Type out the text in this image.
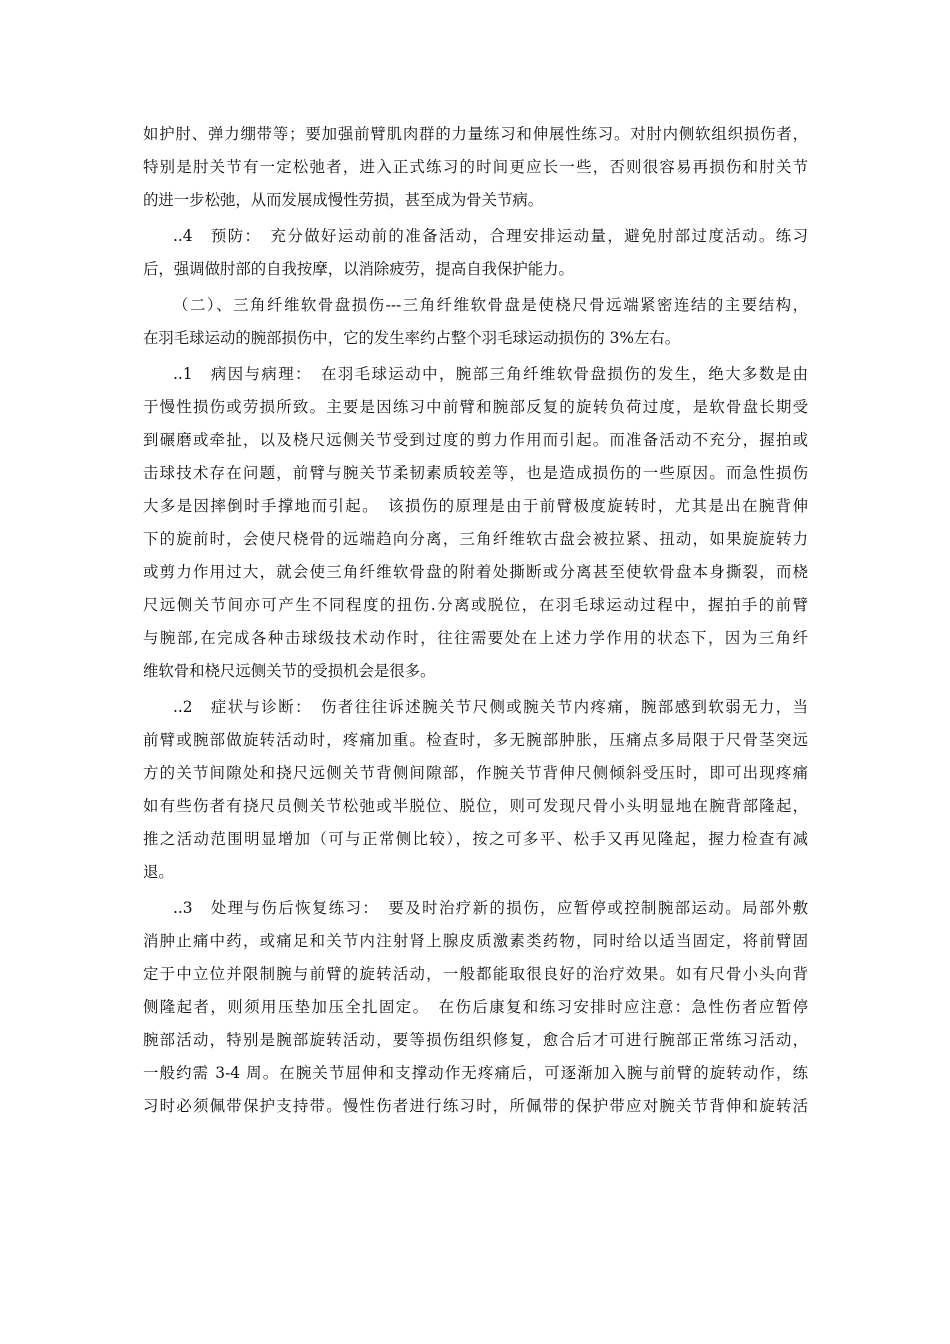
如护肘、弹力绷带等；要加强前臂肌肉群的力量练习和伸展性练习。对肘内侧软组织损伤者，
特别是肘关节有一定松弛者，进入正式练习的时间更应长一些，否则很容易再损伤和肘关节
的进一步松弛，从而发展成慢性劳损，甚至成为骨关节病。
..4　预防：　充分做好运动前的准备活动，合理安排运动量，避免肘部过度活动。练习
后，强调做肘部的自我按摩，以消除疲劳，提高自我保护能力。
（二）、三角纤维软骨盘损伤---三角纤维软骨盘是使桡尺骨远端紧密连结的主要结构，
在羽毛球运动的腕部损伤中，它的发生率约占整个羽毛球运动损伤的 3%左右。
..1　病因与病理：　在羽毛球运动中，腕部三角纤维软骨盘损伤的发生，绝大多数是由
于慢性损伤或劳损所致。主要是因练习中前臂和腕部反复的旋转负荷过度，是软骨盘长期受
到碾磨或牵扯，以及桡尺远侧关节受到过度的剪力作用而引起。而准备活动不充分，握拍或
击球技术存在问题，前臂与腕关节柔韧素质较差等，也是造成损伤的一些原因。而急性损伤
大多是因摔倒时手撑地而引起。　该损伤的原理是由于前臂极度旋转时，尤其是出在腕背伸
下的旋前时，会使尺桡骨的远端趋向分离，三角纤维软古盘会被拉紧、扭动，如果旋旋转力
或剪力作用过大，就会使三角纤维软骨盘的附着处撕断或分离甚至使软骨盘本身撕裂，而桡
尺远侧关节间亦可产生不同程度的扭伤.分离或脱位，在羽毛球运动过程中，握拍手的前臂
与腕部,在完成各种击球级技术动作时，往往需要处在上述力学作用的状态下，因为三角纤
维软骨和桡尺远侧关节的受损机会是很多。
..2　症状与诊断：　伤者往往诉述腕关节尺侧或腕关节内疼痛，腕部感到软弱无力，当
前臂或腕部做旋转活动时，疼痛加重。检查时，多无腕部肿胀，压痛点多局限于尺骨茎突远
方的关节间隙处和挠尺远侧关节背侧间隙部，作腕关节背伸尺侧倾斜受压时，即可出现疼痛
如有些伤者有挠尺员侧关节松弛或半脱位、脱位，则可发现尺骨小头明显地在腕背部隆起，
推之活动范围明显增加（可与正常侧比较），按之可多平、松手又再见隆起，握力检查有减
退。
..3　处理与伤后恢复练习：　要及时治疗新的损伤，应暂停或控制腕部运动。局部外敷
消肿止痛中药，或痛足和关节内注射肾上腺皮质激素类药物，同时给以适当固定，将前臂固
定于中立位并限制腕与前臂的旋转活动，一般都能取很良好的治疗效果。如有尺骨小头向背
侧隆起者，则须用压垫加压全扎固定。　在伤后康复和练习安排时应注意：急性伤者应暂停
腕部活动，特别是腕部旋转活动，要等损伤组织修复，愈合后才可进行腕部正常练习活动，
一般约需 3-4 周。在腕关节屈伸和支撑动作无疼痛后，可逐渐加入腕与前臂的旋转动作，练
习时必须佩带保护支持带。慢性伤者进行练习时，所佩带的保护带应对腕关节背伸和旋转活
